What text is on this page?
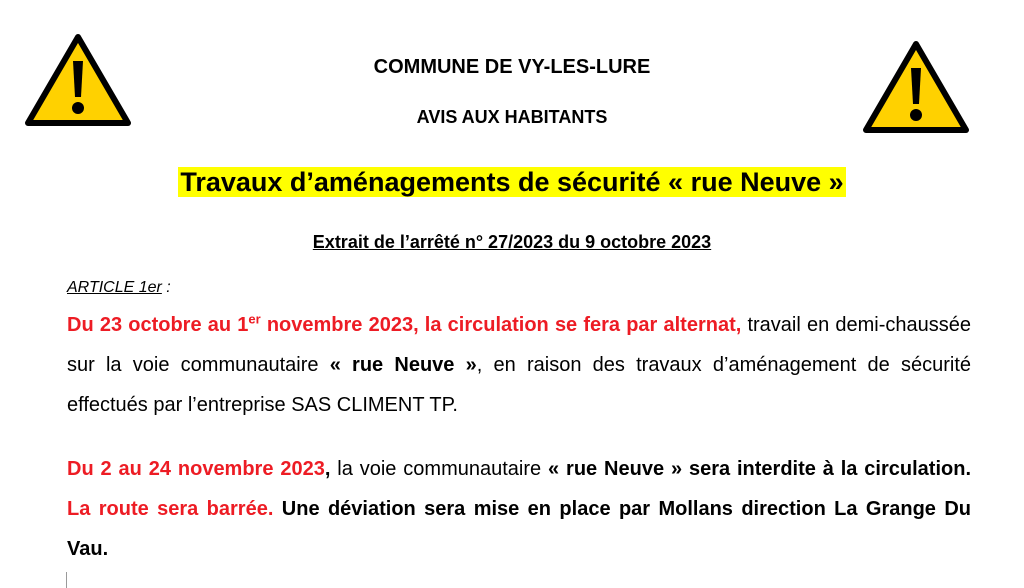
COMMUNE DE VY-LES-LURE
AVIS AUX HABITANTS
Travaux d’aménagements de sécurité « rue Neuve »
Extrait de l’arrêté n° 27/2023 du 9 octobre 2023
ARTICLE 1er :
Du 23 octobre au 1er novembre 2023, la circulation se fera par alternat, travail en demi-chaussée sur la voie communautaire « rue Neuve », en raison des travaux d’aménagement de sécurité effectués par l’entreprise SAS CLIMENT TP.
Du 2 au 24 novembre 2023, la voie communautaire « rue Neuve » sera interdite à la circulation. La route sera barrée. Une déviation sera mise en place par Mollans direction La Grange Du Vau.
